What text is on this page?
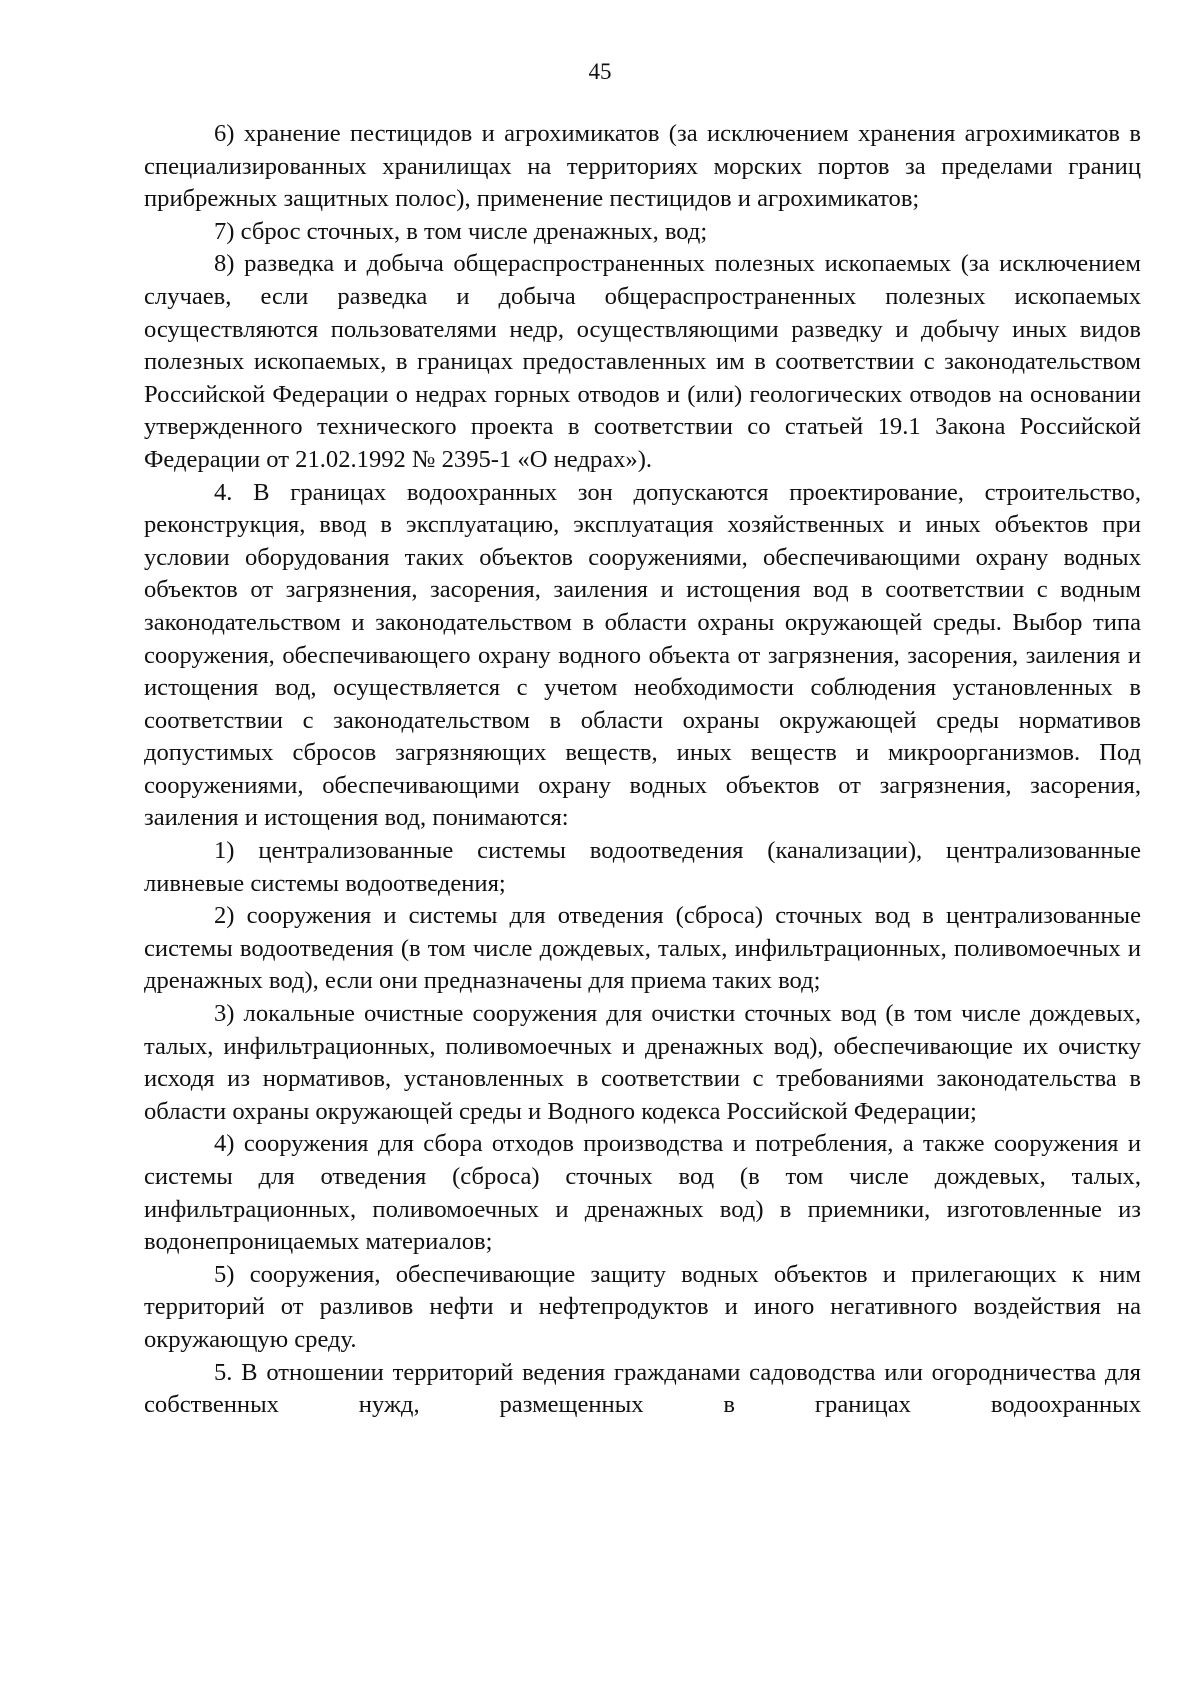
45

6) хранение пестицидов и агрохимикатов (за исключением хранения агрохимикатов в специализированных хранилищах на территориях морских портов за пределами границ прибрежных защитных полос), применение пестицидов и агрохимикатов;

7) сброс сточных, в том числе дренажных, вод;

8) разведка и добыча общераспространенных полезных ископаемых (за исключением случаев, если разведка и добыча общераспространенных полезных ископаемых осуществляются пользователями недр, осуществляющими разведку и добычу иных видов полезных ископаемых, в границах предоставленных им в соответствии с законодательством Российской Федерации о недрах горных отводов и (или) геологических отводов на основании утвержденного технического проекта в соответствии со статьей 19.1 Закона Российской Федерации от 21.02.1992 № 2395-1 «О недрах»).

4. В границах водоохранных зон допускаются проектирование, строительство, реконструкция, ввод в эксплуатацию, эксплуатация хозяйственных и иных объектов при условии оборудования таких объектов сооружениями, обеспечивающими охрану водных объектов от загрязнения, засорения, заиления и истощения вод в соответствии с водным законодательством и законодательством в области охраны окружающей среды. Выбор типа сооружения, обеспечивающего охрану водного объекта от загрязнения, засорения, заиления и истощения вод, осуществляется с учетом необходимости соблюдения установленных в соответствии с законодательством в области охраны окружающей среды нормативов допустимых сбросов загрязняющих веществ, иных веществ и микроорганизмов. Под сооружениями, обеспечивающими охрану водных объектов от загрязнения, засорения, заиления и истощения вод, понимаются:

1) централизованные системы водоотведения (канализации), централизованные ливневые системы водоотведения;

2) сооружения и системы для отведения (сброса) сточных вод в централизованные системы водоотведения (в том числе дождевых, талых, инфильтрационных, поливомоечных и дренажных вод), если они предназначены для приема таких вод;

3) локальные очистные сооружения для очистки сточных вод (в том числе дождевых, талых, инфильтрационных, поливомоечных и дренажных вод), обеспечивающие их очистку исходя из нормативов, установленных в соответствии с требованиями законодательства в области охраны окружающей среды и Водного кодекса Российской Федерации;

4) сооружения для сбора отходов производства и потребления, а также сооружения и системы для отведения (сброса) сточных вод (в том числе дождевых, талых, инфильтрационных, поливомоечных и дренажных вод) в приемники, изготовленные из водонепроницаемых материалов;

5) сооружения, обеспечивающие защиту водных объектов и прилегающих к ним территорий от разливов нефти и нефтепродуктов и иного негативного воздействия на окружающую среду.

5. В отношении территорий ведения гражданами садоводства или огородничества для собственных нужд, размещенных в границах водоохранных
